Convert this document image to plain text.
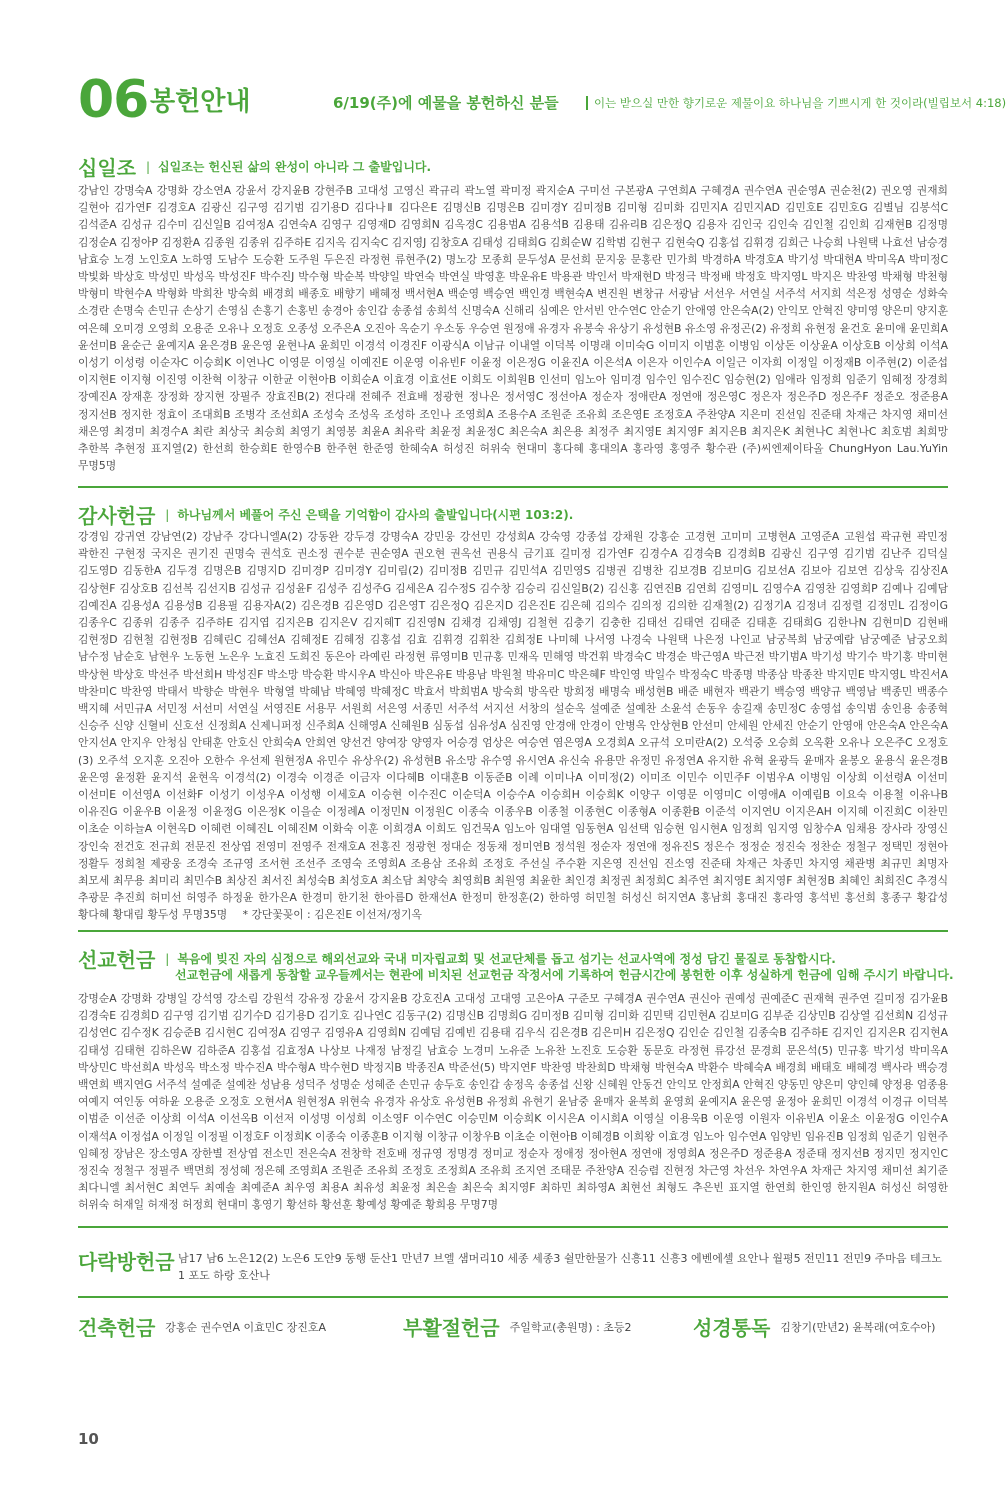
06 봉헌안내	6/19(주)에 예물을 봉헌하신 분들	이는 받으실 만한 향기로운 제물이요 하나님을 기쁘시게 한 것이라(빌립보서 4:18)
십일조 | 십일조는 헌신된 삶의 완성이 아니라 그 출발입니다.
강남인 강명숙A 강명화 강소연A 강윤서 강지윤B 강현주B 고대성 고영신 곽규리 곽노열 곽미정 곽지순A 구미선 구본광A 구연희A 구혜경A 권수연A 권순영A 권순천(2) 권오영 권재희 길현아 김가연F 김경호A 김광신 김구영 김기범 김기용D 김다나Ⅱ 김다은E 김명신B 김명은B 김미경Y 김미정B 김미형 김미화 김민지A 김민지AD 김민호E 김민호G 김별님 김봉석C 김석준A 김성규 김수미 김신일B 김여정A 김연숙A 김영구 김영재D 김영희N 김옥경C 김용범A 김용석B 김용태 김유리B 김은정Q 김용자 김인국 김인숙 김인철 김인희 김재현B 김정명 김정순A 김정아P 김정환A 김종원 김종위 김주하E 김지옥 김지숙C 김지영J 김창호A 김태성 김태희G 김희순W 김학범 김현구 김현숙Q 김홍섭 김휘경 김희근 나승희 나원택 나효선 남승경 남효승 노경 노인호A 노하영 도남수 도승환 도주원 두은진 라정현 류현주(2) 명노강 모종희 문두성A 문선희 문지웅 문홍란 민가희 박경하A 박경호A 박기성 박대현A 박미옥A 박미정C 박빛화 박상호 박성민 박성옥 박성진F 박수진J 박수형 박순복 박양일 박연숙 박연실 박영훈 박운유E 박용관 박인서 박재현D 박정극 박정배 박정호 박지영L 박지은 박찬영 박채형 박천형 박형미 박현수A 박형화 박희찬 방숙희 배경희 배종호 배향기 배혜정 백서현A 백순영 백승연 백인경 백현숙A 변진원 변창규 서광남 서선우 서연실 서주석 서지희 석은정 성영순 성화숙 소경란 손명숙 손민규 손상기 손영심 손홍기 손홍빈 송경아 송인갑 송종섭 송희석 신명숙A 신해리 심예은 안서빈 안수연C 안순기 안애영 안은숙A(2) 안익모 안혁진 양미영 양은미 양지훈 여은혜 오미경 오영희 오용준 오유나 오정호 오종성 오주은A 오진아 옥순기 우소동 우승연 원정애 유경자 유봉숙 유상기 유성현B 유소영 유정곤(2) 유정희 유현정 윤건호 윤미애 윤민희A 윤선미B 윤순근 윤예지A 윤은경B 윤은영 윤현나A 윤희민 이경석 이경진F 이광식A 이남규 이내열 이덕복 이명래 이미숙G 이미지 이범훈 이병임 이상돈 이상윤A 이상호B 이상희 이석A 이성기 이성령 이순자C 이승희K 이연나C 이영문 이영실 이예진E 이운영 이유빈F 이윤정 이은정G 이윤진A 이은석A 이은자 이인수A 이일근 이자희 이정일 이정재B 이주현(2) 이준섭 이지현E 이지형 이진영 이찬혁 이창규 이한균 이현아B 이희순A 이효경 이효선E 이희도 이희원B 인선미 임노아 임미경 임수인 임수진C 임승현(2) 임애라 임정희 임준기 임혜정 장경희 장예진A 장재훈 장정화 장지현 장필주 장효진B(2) 전다래 전혜주 전효배 정광현 정나은 정서영C 정선아A 정순자 정애란A 정연애 정은영C 정은자 정은주D 정은주F 정준오 정준용A 정지선B 정지한 정효이 조대희B 조병각 조선희A 조성숙 조성옥 조성하 조인나 조영희A 조용수A 조원준 조유희 조은영E 조정호A 주찬양A 지은미 진선임 진준태 차재근 차지영 채미선 채은영 최경미 최경수A 최란 최상국 최승희 최영기 최영봉 최윤A 최유락 최윤정 최윤정C 최은숙A 최은용 최정주 최지영E 최지영F 최지은B 최지은K 최현나C 최현나C 최호범 최희망 추한복 추현정 표지열(2) 한선희 한승희E 한영수B 한주현 한준영 한혜숙A 허성진 허위숙 현대미 홍다혜 홍대의A 홍라영 홍영주 황수관 (주)씨엔제이타올 ChungHyon Lau.YuYin 무명5명
감사헌금 | 하나님께서 베풀어 주신 은택을 기억함이 감사의 출발입니다(시편 103:2).
강경임 강귀연 강남연(2) 강남주 강다니엘A(2) 강동완 강두경 강명숙A 강민웅 강선민 강성희A 강숙영 강종섭 강채원 강홍순 고경현 고미미 고병현A 고영준A 고원섭 곽규현 곽민정 곽한진 구현정 국지은 권기진 권명숙 권석호 권소정 권수분 권순영A 권오현 권옥선 권용식 금기표 길미정 김가연F 김경수A 김경숙B 김경희B 김광신 김구영 김기범 김난주 김덕실 김도영D 김동한A 김두경 김명은B 김명지D 김미경P 김미경Y 김미림(2) 김미정B 김민규 김민석A 김민영S 김병권 김병찬 김보경B 김보미G 김보선A 김보아 김보연 김상욱 김상진A 김상현F 김상호B 김선복 김선지B 김성규 김성윤F 김성주 김성주G 김세은A 김수정S 김수창 김승리 김신일B(2) 김신홍 김연진B 김연희 김영미L 김영수A 김영찬 김영희P 김예나 김예담 김예진A 김용성A 김용성B 김용필 김용자A(2) 김은경B 김은영D 김은영T 김은정Q 김은지D 김은진E 김은혜 김의수 김의정 김의한 김재철(2) 김정기A 김정녀 김정렬 김정민L 김정이G 김종우C 김종위 김종주 김주하E 김지엽 김지은B 김지은V 김지혜T 김진영N 김채경 김채영J 김철현 김충기 김충한 김태선 김태연 김태준 김태훈 김태희G 김한나N 김현미D 김현배 김현정D 김현철 김현정B 김혜린C 김혜선A 김혜정E 김혜정 김홍섭 김효 김휘경 김휘찬 김희정E 나미혜 나서영 나경숙 나원택 나은정 나인교 남궁복희 남궁예람 남궁예준 남궁오희 남수정 남순호 남현우 노동현 노은우 노효진 도희진 동은아 라예린 라정현 류영미B 민규홍 민재옥 민해영 박건휘 박경숙C 박경순 박근영A 박근전 박기범A 박기성 박기수 박기홍 박미현 박상현 박상호 박선주 박선희H 박성진F 박소망 박승환 박시우A 박신아 박은유E 박용남 박원철 박유미C 박은혜F 박인영 박일수 박정숙C 박종명 박종삼 박종찬 박지민E 박지영L 박진서A 박찬미C 박찬영 박태서 박향순 박현우 박형열 박혜남 박혜영 박혜정C 박효서 박희범A 방숙희 방옥란 방희정 배명숙 배성현B 배준 배현자 백관기 백승영 백양규 백영남 백종민 백종수 백지혜 서민규A 서민정 서선미 서연실 서영진E 서용무 서원희 서은영 서종민 서주석 서지선 서창의 설순옥 설예준 설예찬 소윤석 손동우 송길재 송민정C 송영섭 송익범 송인용 송종혁 신승주 신양 신혈비 신호선 신정희A 신제니퍼정 신주희A 신해영A 신혜원B 심동섭 심유성A 심진영 안경애 안경이 안병옥 안상현B 안선미 안세원 안세진 안순기 안영애 안은숙A 안은숙A 안지선A 안지우 안청심 안태훈 안호신 안희숙A 안희연 양선건 양여장 양영자 어승경 엄상은 여승연 염은영A 오경희A 오규석 오미란A(2) 오석중 오승희 오옥환 오유나 오은주C 오정호(3) 오주석 오지훈 오진아 오한수 우선제 원현정A 유민수 유상우(2) 유성현B 유소망 유수영 유시연A 유신숙 유용만 유정민 유정연A 유지한 유혁 윤광득 윤매자 윤봉오 윤용식 윤은경B 윤은영 윤정환 윤지석 윤현옥 이경석(2) 이경숙 이경준 이금자 이다혜B 이대훈B 이동준B 이례 이미나A 이미정(2) 이미조 이민수 이민주F 이범우A 이병임 이상희 이선령A 이선미 이선미E 이선영A 이선화F 이성기 이성우A 이성행 이세호A 이승현 이수진C 이순덕A 이승수A 이승희H 이승희K 이양구 이영문 이영미C 이영애A 이예림B 이요숙 이용철 이유나B 이유진G 이윤우B 이윤정 이윤정G 이은정K 이을순 이정례A 이정민N 이정원C 이종숙 이종우B 이종철 이종현C 이종형A 이종환B 이준석 이지연U 이지은AH 이지혜 이진희C 이찬민 이초순 이하늘A 이현옥D 이혜련 이혜진L 이혜진M 이화숙 이훈 이희경A 이희도 임건묵A 임노아 임대열 임동현A 임선택 임승현 임시현A 임정희 임지영 임창수A 임채용 장사라 장영신 장인숙 전건호 전규희 전문진 전상엽 전영미 전영주 전재호A 전홍진 정광현 정대순 정동채 정미연B 정석원 정순자 정연애 정유진S 정은수 정정순 정진숙 정찬순 정철구 정택민 정현아 정활두 정희철 제광웅 조경숙 조규영 조서현 조선주 조영숙 조영희A 조용삼 조유희 조정호 주선실 주수환 지은영 진선임 진소영 진준태 차재근 차종민 차지영 채관병 최규민 최명자 최모세 최무용 최미리 최민수B 최상진 최서진 최성숙B 최성호A 최소담 최양숙 최영희B 최원영 최윤한 최인경 최정권 최정희C 최주연 최지영E 최지영F 최현정B 최혜인 최희진C 추경식 추광문 추진희 허미선 허영주 하정윤 한가은A 한경미 한기천 한아름D 한재선A 한정미 한정훈(2) 한하영 허민철 허성신 허지연A 홍남희 홍대진 홍라영 홍석빈 홍선희 홍종구 황갑성 황다혜 황대림 황두성 무명35명 * 강단꽃꽂이 : 김은진E 이선저/정기옥
선교헌금 | 복음에 빚진 자의 심정으로 해외선교와 국내 미자립교회 및 선교단체를 돕고 섬기는 선교사역에 정성 담긴 물질로 동참합시다.
선교헌금에 새롭게 동참할 교우들께서는 현관에 비치된 선교헌금 작정서에 기록하여 헌금시간에 봉헌한 이후 성실하게 헌금에 임해 주시기 바랍니다.
강명순A 강명화 강병일 강석영 강소림 강원석 강유정 강윤서 강지윤B 강호진A 고대성 고대영 고은아A 구준모 구혜경A 권수연A 권신아 권예성 권예준C 권재혁 권주연 길미정 김가윤B 김경숙E 김경희D 김구영 김기범 김기수D 김기용D 김기호 김나연C 김동구(2) 김명신B 김명희G 김미정B 김미형 김미화 김민택 김민현A 김보미G 김부준 김상민B 김상열 김선희N 김성규 김성연C 김수정K 김승준B 김시현C 김여정A 김영구 김영유A 김영희N 김예덤 김예빈 김용태 김우식 김은경B 김은미H 김은정Q 김인순 김인철 김종숙B 김주하E 김지인 김지은R 김지현A 김태성 김태현 김하은W 김하준A 김홍섭 김효정A 나상보 나재정 남정길 남효승 노경미 노유준 노유찬 노진호 도승환 동문호 라정현 류강선 문경희 문은석(5) 민규홍 박기성 박미옥A 박상민C 박선희A 박성옥 박소정 박수진A 박수형A 박수현D 박정지B 박종진A 박준선(5) 박지연F 박찬영 박찬희D 박채형 박현숙A 박환수 박혜숙A 배경희 배태호 배혜경 백사라 백승경 백연희 백지연G 서주석 설예준 설예찬 성남용 성덕주 성명순 성혜준 손민규 송두호 송인갑 송정옥 송종섭 신왕 신혜원 안동건 안익모 안정희A 안혁진 양동민 양은미 양인혜 양정용 엄종용 여예지 여인동 여하윤 오용준 오정호 오현서A 원현정A 위현숙 유경자 유상호 유성현B 유정희 유현기 윤남중 윤매자 윤복희 윤영희 윤예지A 윤은영 윤정아 윤희민 이경석 이경규 이덕복 이범준 이선준 이상희 이석A 이선옥B 이선저 이성명 이성희 이소영F 이수연C 이승민M 이승희K 이시은A 이시희A 이영실 이용욱B 이운영 이원자 이유빈A 이윤소 이윤정G 이인수A 이재석A 이정섭A 이정일 이정필 이정호F 이정희K 이종숙 이종훈B 이지형 이창규 이창우B 이초순 이현아B 이혜경B 이희왕 이효경 임노아 임수연A 임양빈 임유진B 임정희 임준기 임현주 임혜정 장남은 장소영A 장한별 전상엽 전소민 전은숙A 전창학 전호배 정규영 정명경 정미교 정순자 정애정 정아현A 정연애 정영희A 정은주D 정준용A 정준태 정지선B 정지민 정지인C 정진숙 정철구 정필주 백면희 정성혜 정은혜 조영희A 조원준 조유희 조정호 조정희A 조유희 조지연 조태문 주찬양A 진승렴 진현정 차근영 차선우 차연우A 차재근 차지영 채미선 최기준 최다니엘 최서현C 최연두 최예솔 최예준A 최우영 최용A 최유성 최윤정 최은솔 최은숙 최지영F 최하민 최하영A 최현선 최형도 추은빈 표지열 한연희 한인영 한지원A 허성신 허영한 허위숙 허재일 허재정 허정희 현대미 홍영기 황선하 황선훈 황예성 황예준 황희용 무명7명
다락방헌금 남17 남6 노은12(2) 노은6 도안9 동행 둔산1 만년7 브엘 샘머리10 세종 세종3 쉴만한물가 신흥11 신흥3 에벤에셀 요안나 월평5 전민11 전민9 주마음 테크노1 포도 하랑 호산나
건축헌금 강홍순 권수연A 이효민C 장진호A	부활절헌금 주일학교(총원명) : 초등2	성경통독 김창기(만년2) 윤복래(여호수아)
10
